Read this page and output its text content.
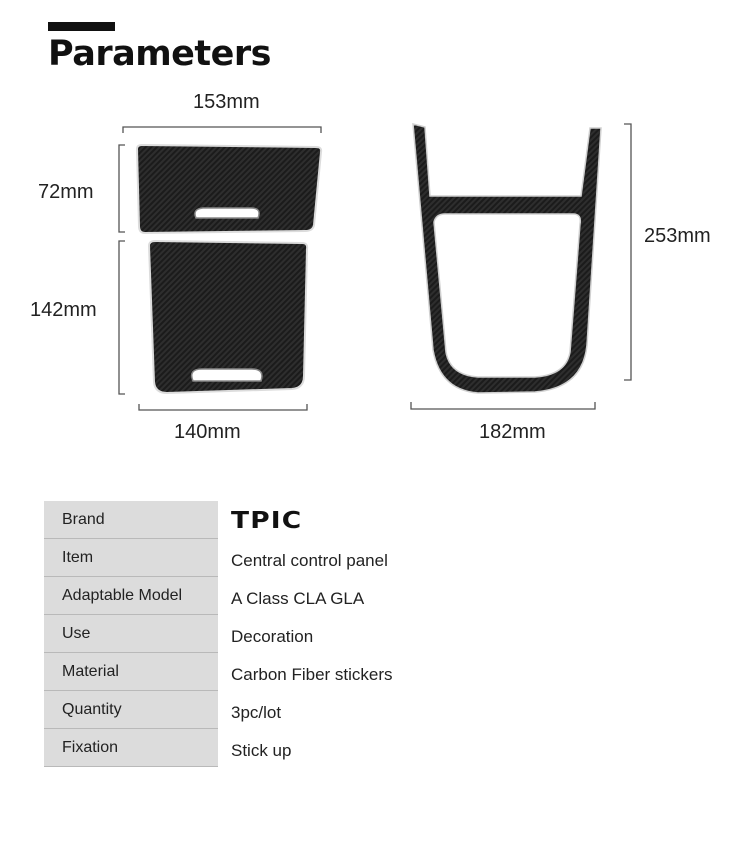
Parameters
153mm
72mm
142mm
140mm
253mm
182mm
Brand	TPIC
Item	Central control panel
Adaptable Model	A Class CLA GLA
Use	Decoration
Material	Carbon Fiber stickers
Quantity	3pc/lot
Fixation	Stick up
